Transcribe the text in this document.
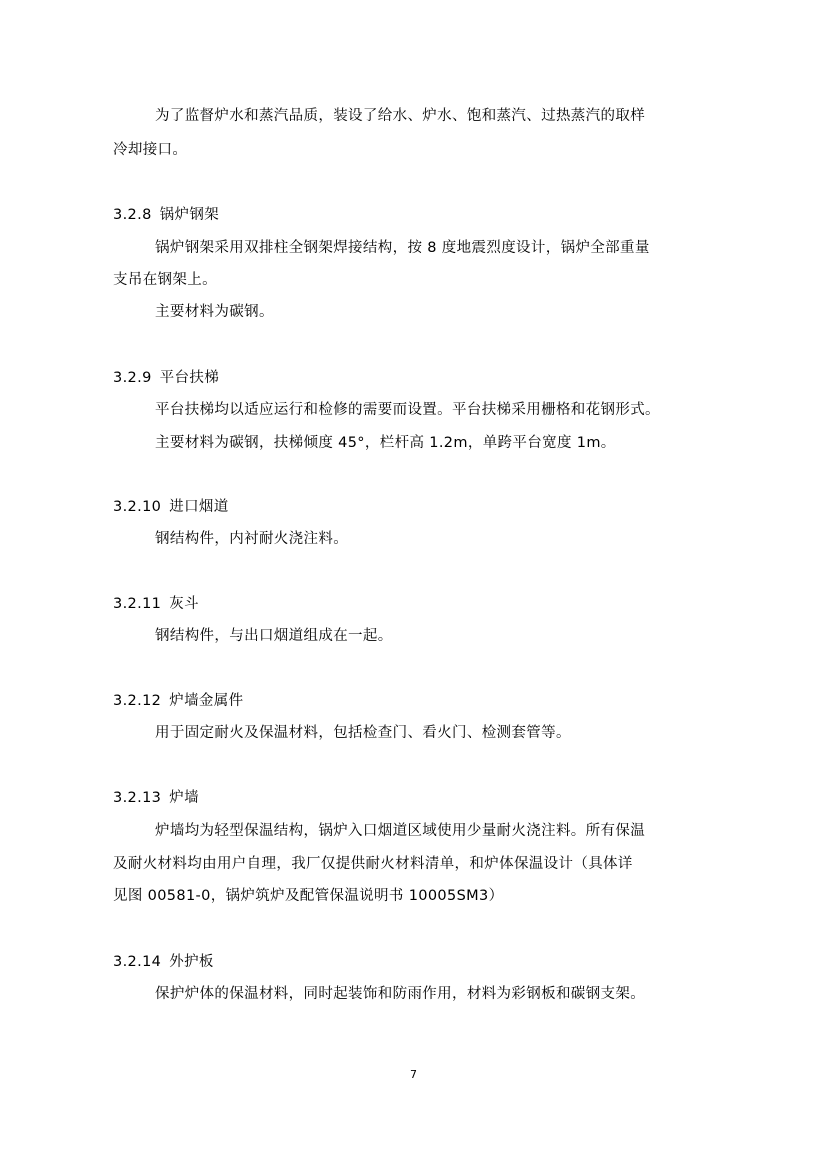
为了监督炉水和蒸汽品质，装设了给水、炉水、饱和蒸汽、过热蒸汽的取样
冷却接口。
3.2.8 锅炉钢架
锅炉钢架采用双排柱全钢架焊接结构，按 8 度地震烈度设计，锅炉全部重量
支吊在钢架上。
主要材料为碳钢。
3.2.9 平台扶梯
平台扶梯均以适应运行和检修的需要而设置。平台扶梯采用栅格和花钢形式。
主要材料为碳钢，扶梯倾度 45°，栏杆高 1.2m，单跨平台宽度 1m。
3.2.10 进口烟道
钢结构件，内衬耐火浇注料。
3.2.11 灰斗
钢结构件，与出口烟道组成在一起。
3.2.12 炉墙金属件
用于固定耐火及保温材料，包括检查门、看火门、检测套管等。
3.2.13 炉墙
炉墙均为轻型保温结构，锅炉入口烟道区域使用少量耐火浇注料。所有保温
及耐火材料均由用户自理，我厂仅提供耐火材料清单，和炉体保温设计（具体详
见图 00581-0，锅炉筑炉及配管保温说明书 10005SM3）
3.2.14 外护板
保护炉体的保温材料，同时起装饰和防雨作用，材料为彩钢板和碳钢支架。
7
